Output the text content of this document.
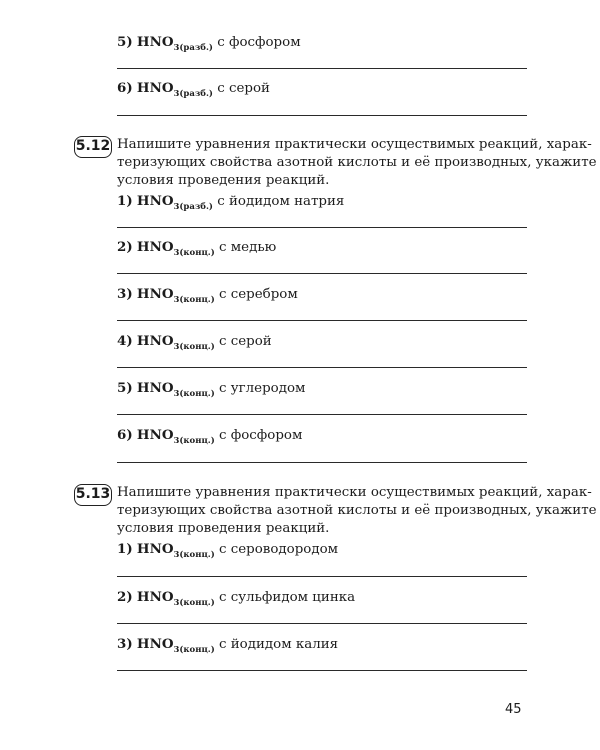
5) $HNO_{3(разб.)}$ с фосфором
6) $HNO_{3(разб.)}$ с серой
5.12 Напишите уравнения практически осуществимых реакций, харак-
теризующих свойства азотной кислоты и её производных, укажите
условия проведения реакций.
1) $HNO_{3(разб.)}$ с йодидом натрия
2) $HNO_{3(конц.)}$ с медью
3) $HNO_{3(конц.)}$ с серебром
4) $HNO_{3(конц.)}$ с серой
5) $HNO_{3(конц.)}$ с углеродом
6) $HNO_{3(конц.)}$ с фосфором
5.13 Напишите уравнения практически осуществимых реакций, харак-
теризующих свойства азотной кислоты и её производных, укажите
условия проведения реакций.
1) $HNO_{3(конц.)}$ с сероводородом
2) $HNO_{3(конц.)}$ с сульфидом цинка
3) $HNO_{3(конц.)}$ с йодидом калия
45
